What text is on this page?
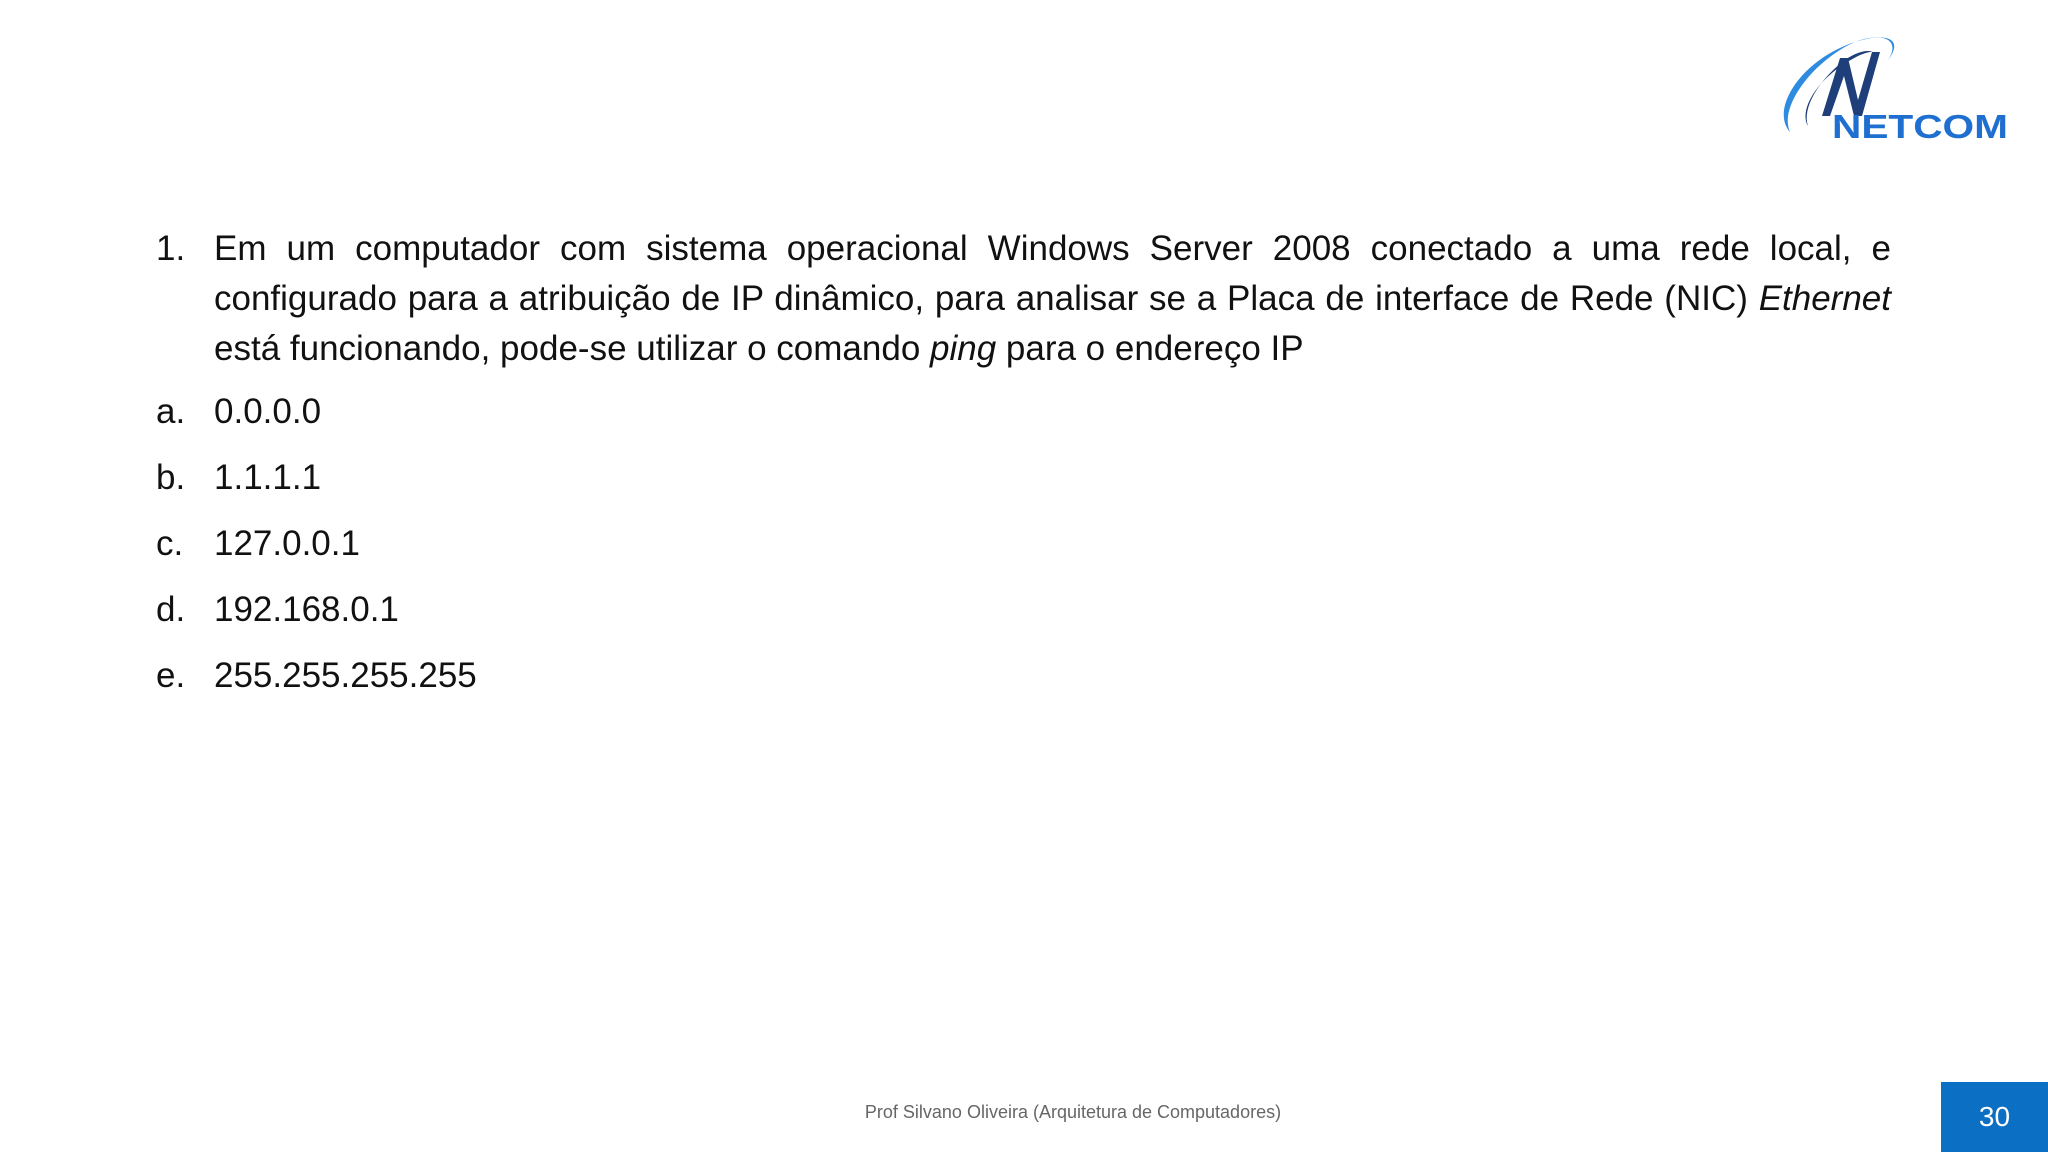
NETCOM
1. Em um computador com sistema operacional Windows Server 2008 conectado a uma rede local, e configurado para a atribuição de IP dinâmico, para analisar se a Placa de interface de Rede (NIC) Ethernet está funcionando, pode-se utilizar o comando ping para o endereço IP
a. 0.0.0.0
b. 1.1.1.1
c. 127.0.0.1
d. 192.168.0.1
e. 255.255.255.255
Prof Silvano Oliveira (Arquitetura de Computadores)	30
